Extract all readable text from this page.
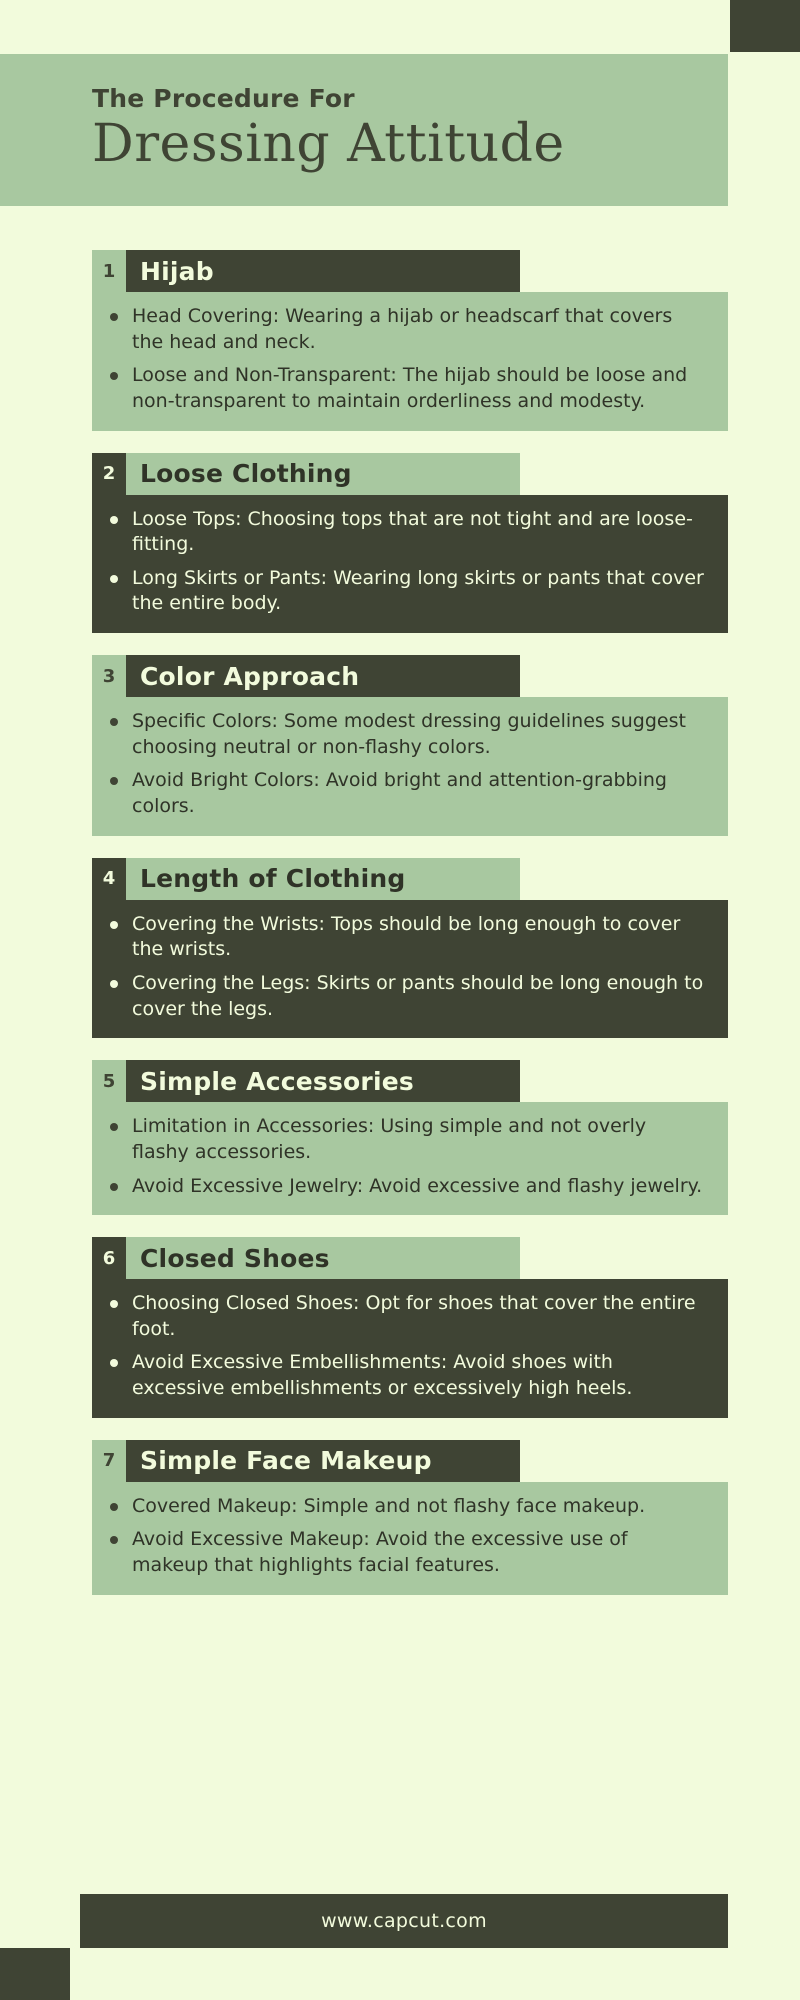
The Procedure For
Dressing Attitude
1 Hijab
Head Covering: Wearing a hijab or headscarf that covers the head and neck.
Loose and Non-Transparent: The hijab should be loose and non-transparent to maintain orderliness and modesty.
2 Loose Clothing
Loose Tops: Choosing tops that are not tight and are loose-fitting.
Long Skirts or Pants: Wearing long skirts or pants that cover the entire body.
3 Color Approach
Specific Colors: Some modest dressing guidelines suggest choosing neutral or non-flashy colors.
Avoid Bright Colors: Avoid bright and attention-grabbing colors.
4 Length of Clothing
Covering the Wrists: Tops should be long enough to cover the wrists.
Covering the Legs: Skirts or pants should be long enough to cover the legs.
5 Simple Accessories
Limitation in Accessories: Using simple and not overly flashy accessories.
Avoid Excessive Jewelry: Avoid excessive and flashy jewelry.
6 Closed Shoes
Choosing Closed Shoes: Opt for shoes that cover the entire foot.
Avoid Excessive Embellishments: Avoid shoes with excessive embellishments or excessively high heels.
7 Simple Face Makeup
Covered Makeup: Simple and not flashy face makeup.
Avoid Excessive Makeup: Avoid the excessive use of makeup that highlights facial features.
www.capcut.com
